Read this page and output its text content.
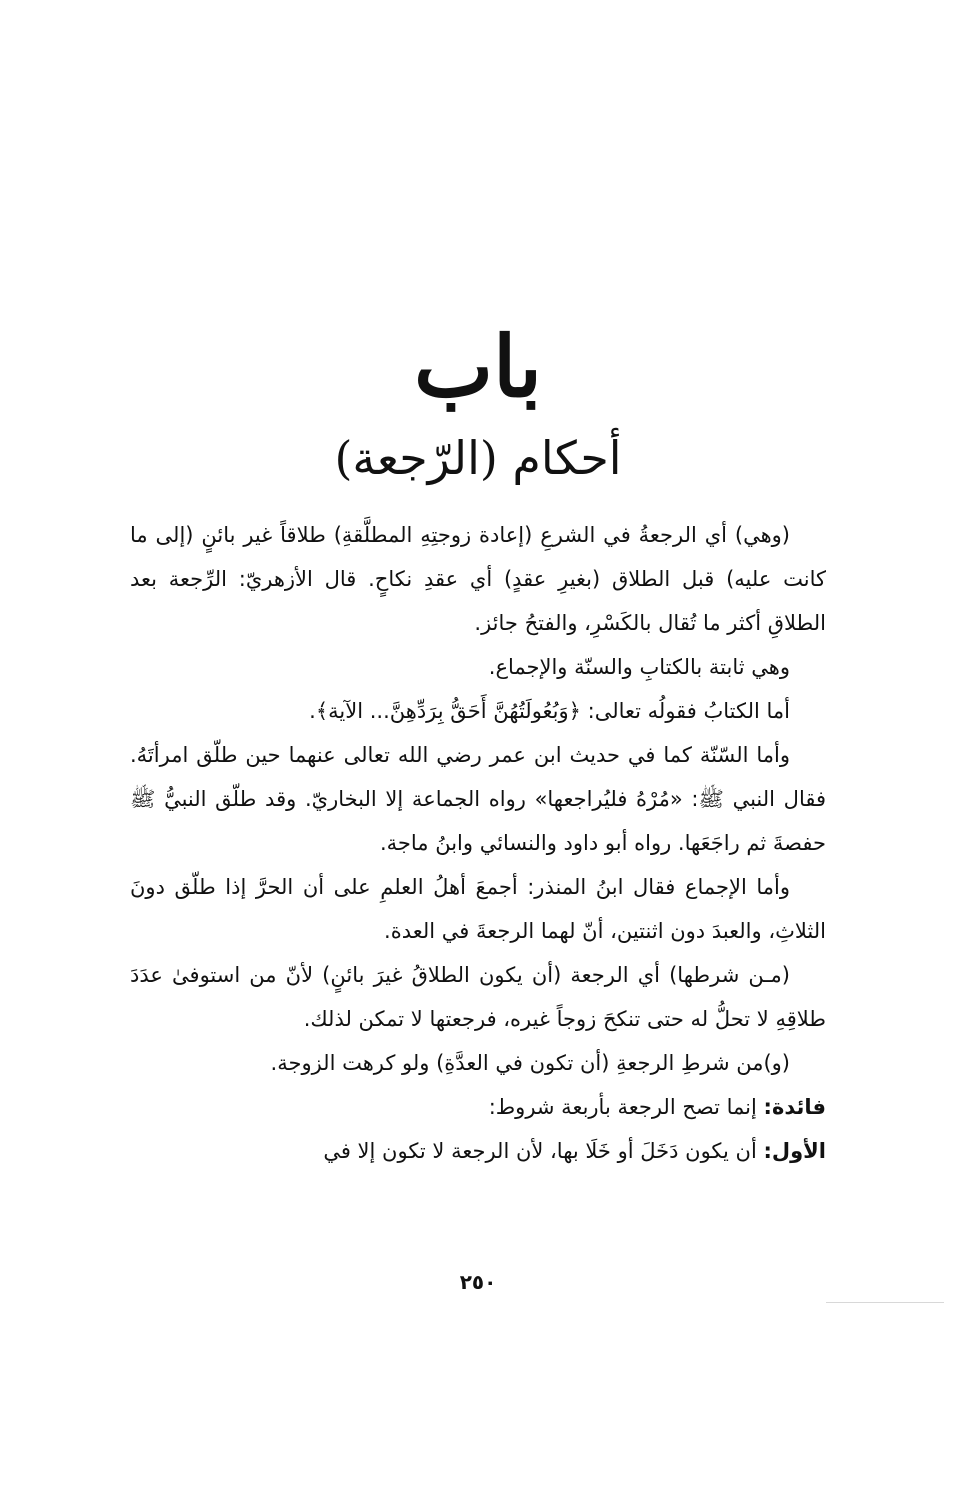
باب
أحكام (الرّجعة)

(وهي) أي الرجعةُ في الشرعِ (إعادة زوجتِهِ المطلَّقةِ) طلاقاً غير بائنٍ (إلى ما كانت عليه) قبل الطلاق (بغيرِ عقدٍ) أي عقدِ نكاحٍ. قال الأزهريّ: الرِّجعة بعد الطلاقِ أكثر ما تُقال بالكَسْرِ، والفتحُ جائز.

وهي ثابتة بالكتابِ والسنّة والإجماع.

أما الكتابُ فقولُه تعالى: ﴿وَبُعُولَتُهُنَّ أَحَقُّ بِرَدِّهِنَّ... الآية﴾.

وأما السّنّة كما في حديث ابن عمر رضي الله تعالى عنهما حين طلّق امرأتَهُ. فقال النبي ﷺ: «مُرْهُ فليُراجعها» رواه الجماعة إلا البخاريّ. وقد طلّق النبيُّ ﷺ حفصةَ ثم راجَعَها. رواه أبو داود والنسائي وابنُ ماجة.

وأما الإجماع فقال ابنُ المنذر: أجمعَ أهلُ العلمِ على أن الحرَّ إذا طلّق دونَ الثلاثِ، والعبدَ دون اثنتين، أنّ لهما الرجعةَ في العدة.

(مـن شرطها) أي الرجعة (أن يكون الطلاقُ غيرَ بائنٍ) لأنّ من استوفىٰ عدَدَ طلاقِهِ لا تحلُّ له حتى تنكحَ زوجاً غيره، فرجعتها لا تمكن لذلك.

(و)من شرطِ الرجعةِ (أن تكون في العدَّةِ) ولو كرهت الزوجة.

فائدة: إنما تصح الرجعة بأربعة شروط:

الأول: أن يكون دَخَلَ أو خَلَا بها، لأن الرجعة لا تكون إلا في

٢٥٠
